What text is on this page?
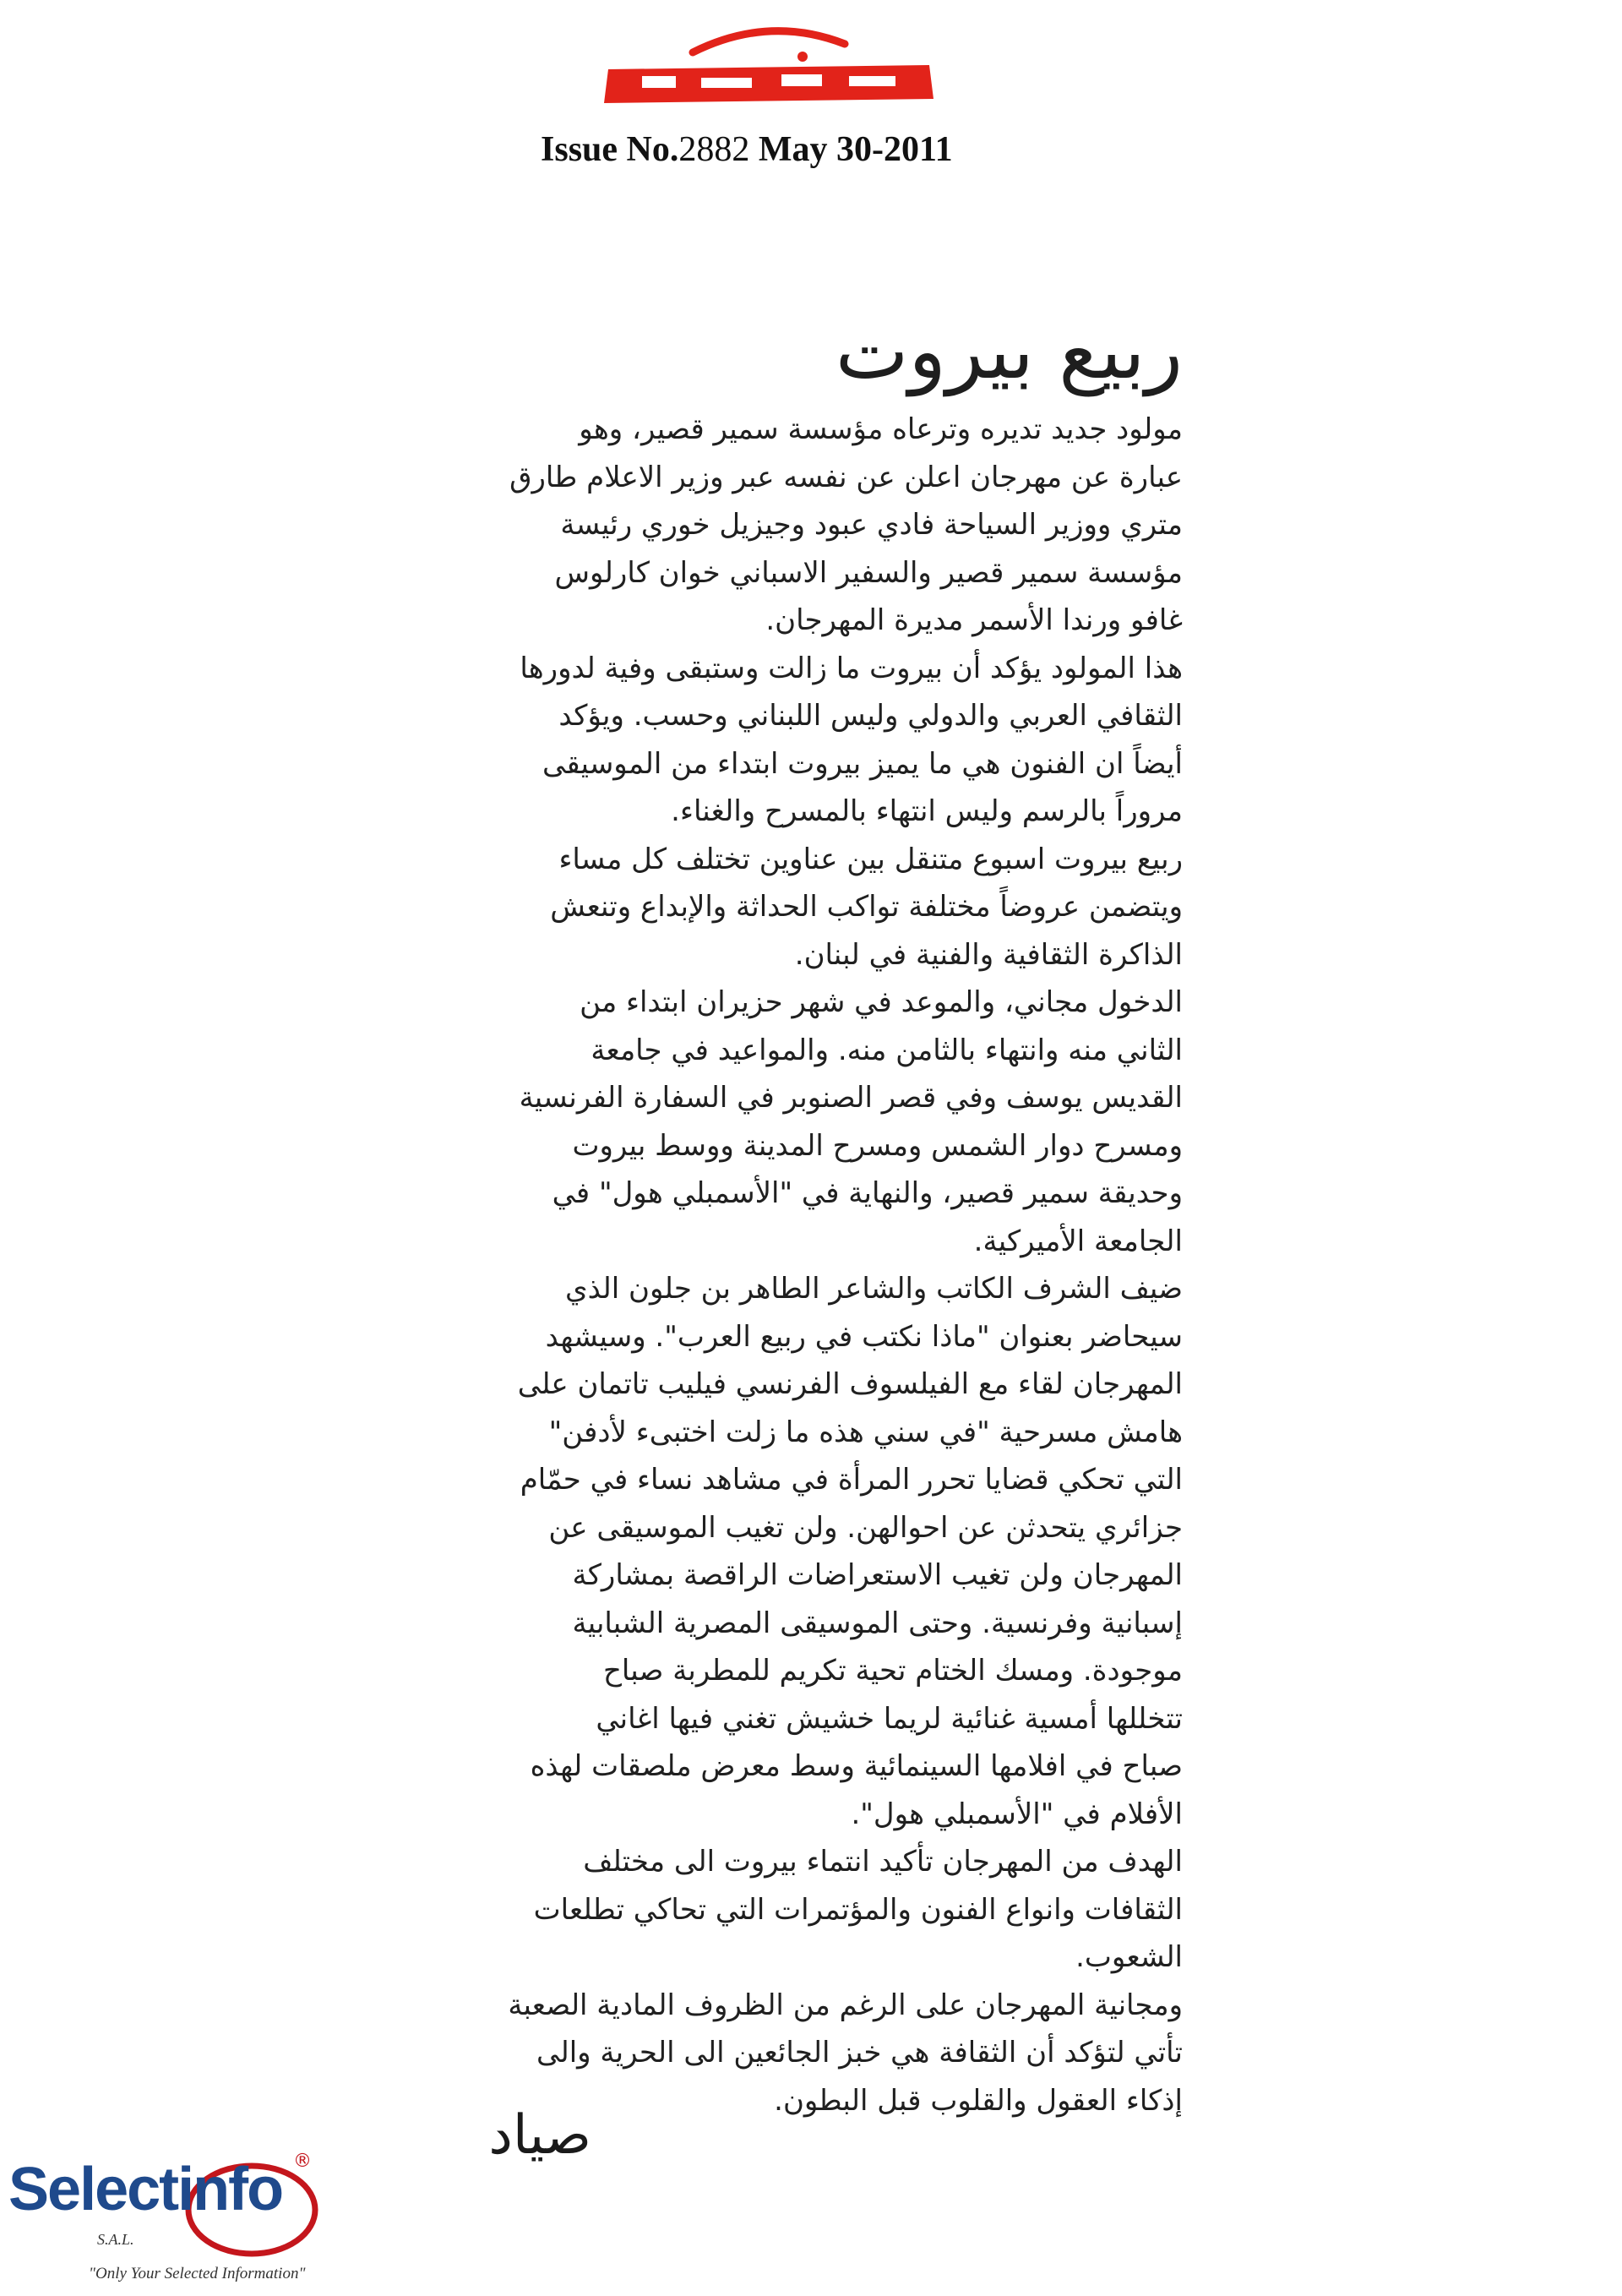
Issue No.2882 May 30-2011
ربيع بيروت
مولود جديد تديره وترعاه مؤسسة سمير قصير، وهو
عبارة عن مهرجان اعلن عن نفسه عبر وزير الاعلام طارق
متري ووزير السياحة فادي عبود وجيزيل خوري رئيسة
مؤسسة سمير قصير والسفير الاسباني خوان كارلوس
غافو ورندا الأسمر مديرة المهرجان.
هذا المولود يؤكد أن بيروت ما زالت وستبقى وفية لدورها
الثقافي العربي والدولي وليس اللبناني وحسب. ويؤكد
أيضاً ان الفنون هي ما يميز بيروت ابتداء من الموسيقى
مروراً بالرسم وليس انتهاء بالمسرح والغناء.
ربيع بيروت اسبوع متنقل بين عناوين تختلف كل مساء
ويتضمن عروضاً مختلفة تواكب الحداثة والإبداع وتنعش
الذاكرة الثقافية والفنية في لبنان.
الدخول مجاني، والموعد في شهر حزيران ابتداء من
الثاني منه وانتهاء بالثامن منه. والمواعيد في جامعة
القديس يوسف وفي قصر الصنوبر في السفارة الفرنسية
ومسرح دوار الشمس ومسرح المدينة ووسط بيروت
وحديقة سمير قصير، والنهاية في "الأسمبلي هول" في
الجامعة الأميركية.
ضيف الشرف الكاتب والشاعر الطاهر بن جلون الذي
سيحاضر بعنوان "ماذا نكتب في ربيع العرب". وسيشهد
المهرجان لقاء مع الفيلسوف الفرنسي فيليب تاتمان على
هامش مسرحية "في سني هذه ما زلت اختبىء لأدفن"
التي تحكي قضايا تحرر المرأة في مشاهد نساء في حمّام
جزائري يتحدثن عن احوالهن. ولن تغيب الموسيقى عن
المهرجان ولن تغيب الاستعراضات الراقصة بمشاركة
إسبانية وفرنسية. وحتى الموسيقى المصرية الشبابية
موجودة. ومسك الختام تحية تكريم للمطربة صباح
تتخللها أمسية غنائية لريما خشيش تغني فيها اغاني
صباح في افلامها السينمائية وسط معرض ملصقات لهذه
الأفلام في "الأسمبلي هول".
الهدف من المهرجان تأكيد انتماء بيروت الى مختلف
الثقافات وانواع الفنون والمؤتمرات التي تحاكي تطلعات
الشعوب.
ومجانية المهرجان على الرغم من الظروف المادية الصعبة
تأتي لتؤكد أن الثقافة هي خبز الجائعين الى الحرية والى
إذكاء العقول والقلوب قبل البطون.
صياد
Selectinfo ®
S.A.L.
"Only Your Selected Information"
